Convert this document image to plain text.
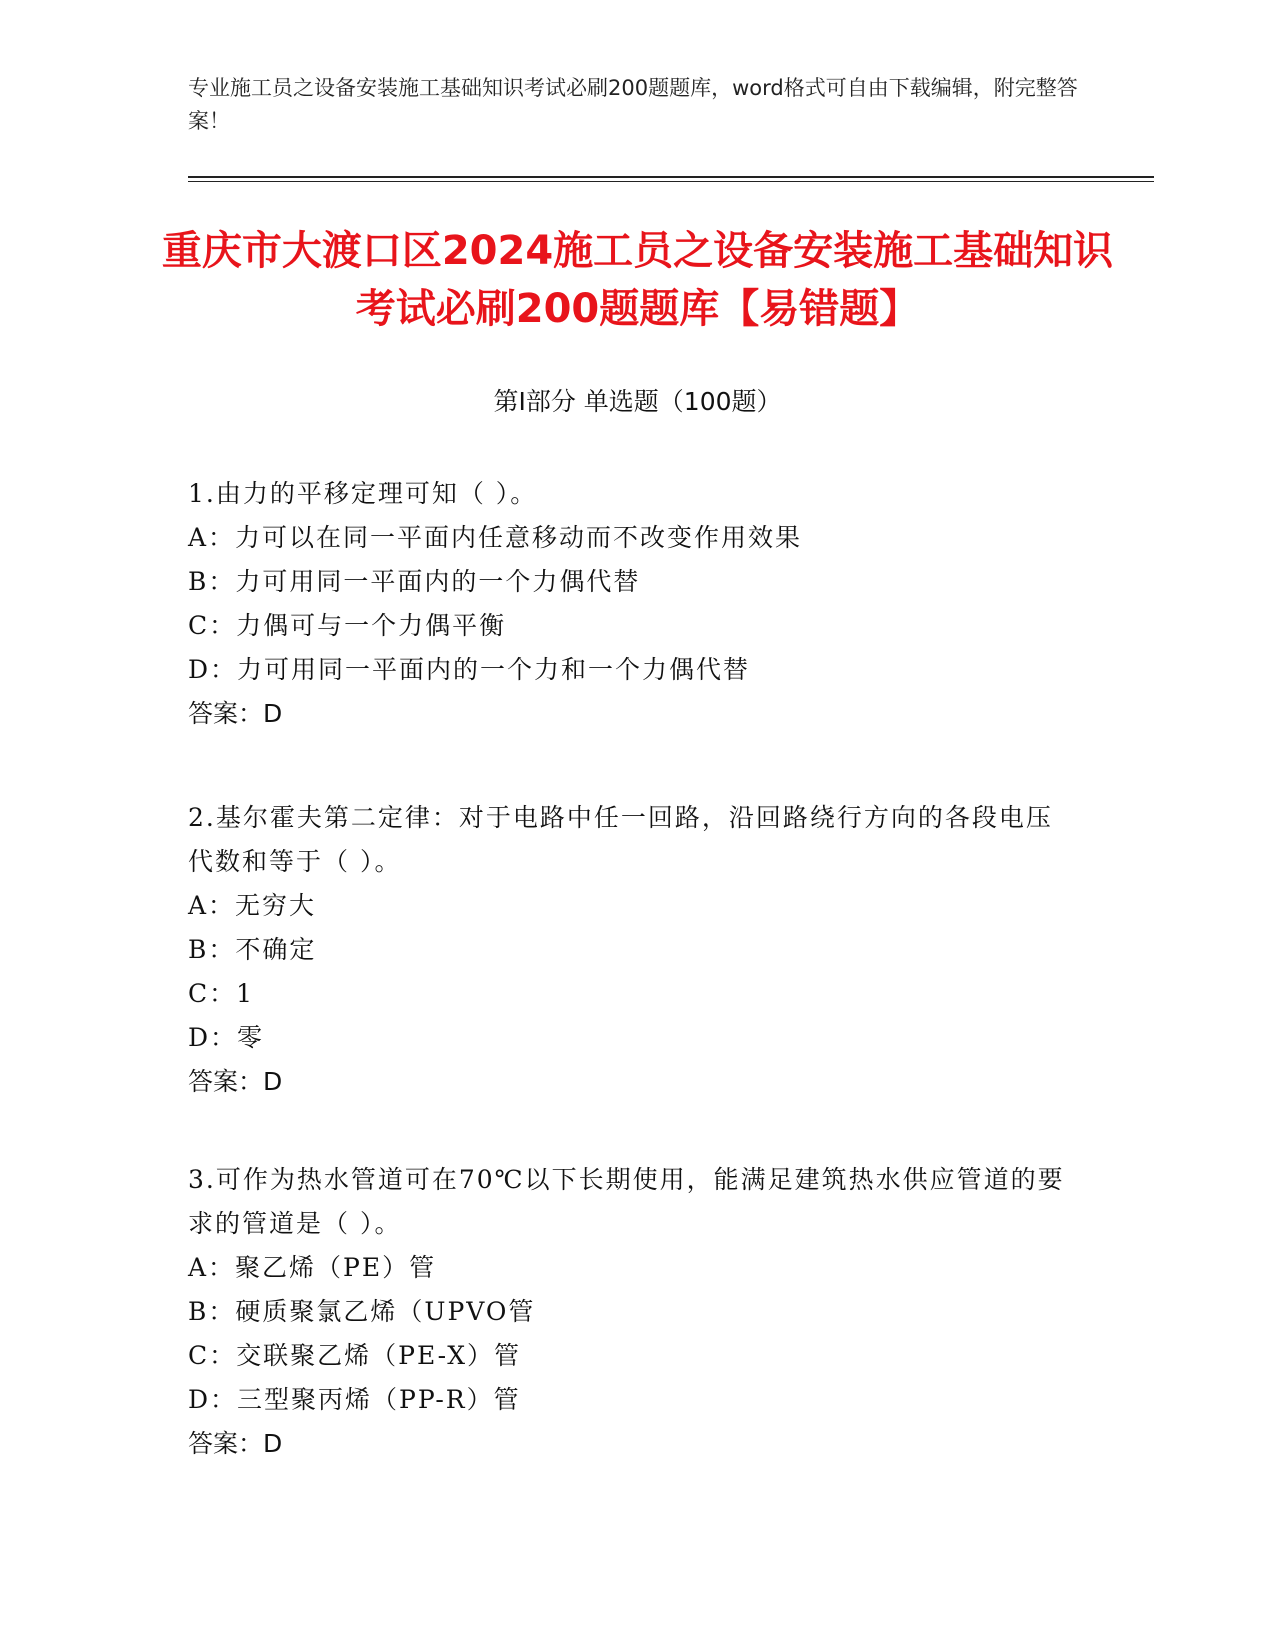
专业施工员之设备安装施工基础知识考试必刷200题题库，word格式可自由下载编辑，附完整答案！
重庆市大渡口区2024施工员之设备安装施工基础知识考试必刷200题题库【易错题】
第Ⅰ部分 单选题（100题）
1.由力的平移定理可知（ ）。
A：力可以在同一平面内任意移动而不改变作用效果
B：力可用同一平面内的一个力偶代替
C：力偶可与一个力偶平衡
D：力可用同一平面内的一个力和一个力偶代替
答案：D
2.基尔霍夫第二定律：对于电路中任一回路，沿回路绕行方向的各段电压代数和等于（ ）。
A：无穷大
B：不确定
C：1
D：零
答案：D
3.可作为热水管道可在70℃以下长期使用，能满足建筑热水供应管道的要求的管道是（ ）。
A：聚乙烯（PE）管
B：硬质聚氯乙烯（UPVO管
C：交联聚乙烯（PE-X）管
D：三型聚丙烯（PP-R）管
答案：D
